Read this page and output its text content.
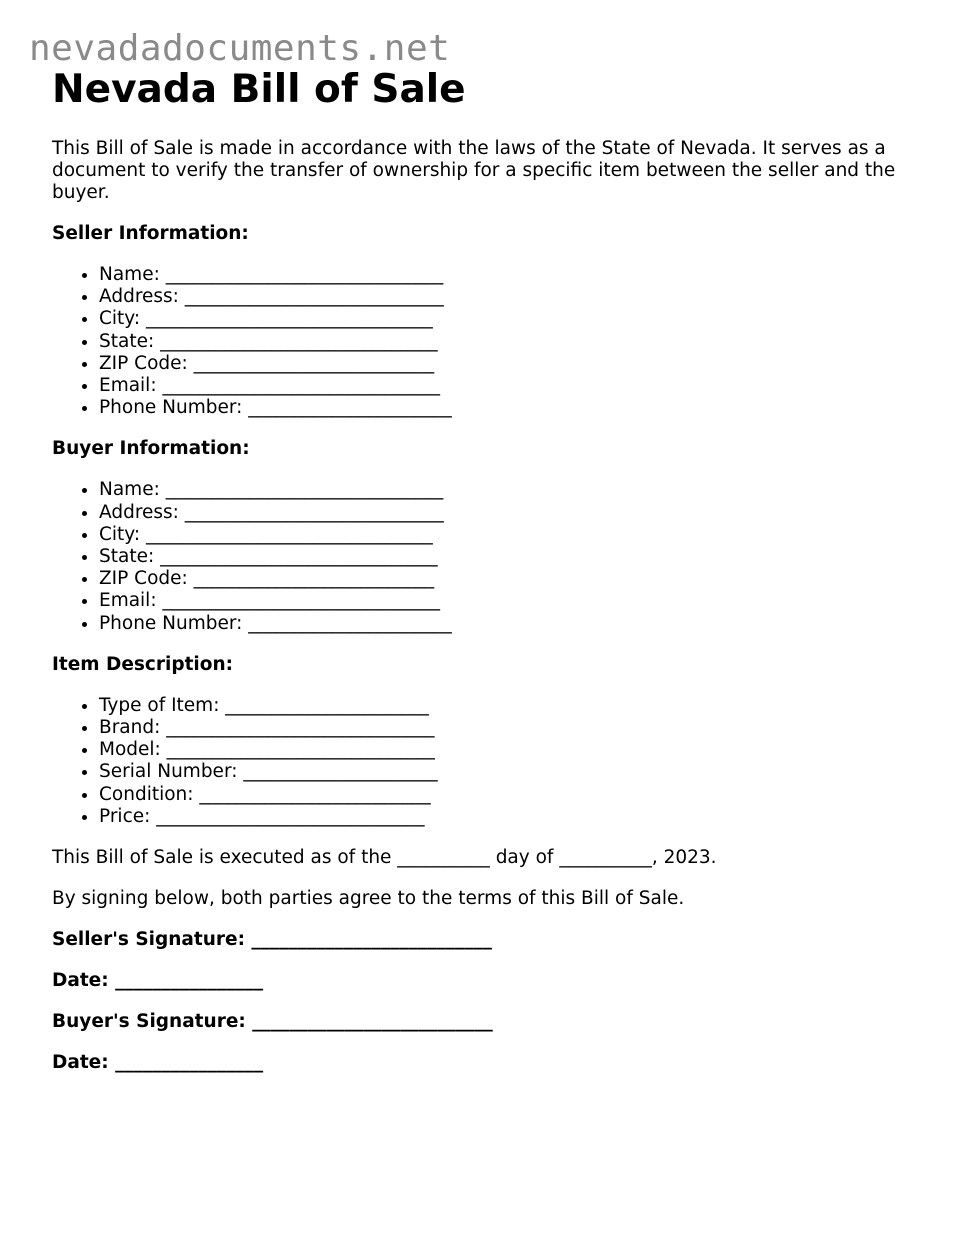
nevadadocuments.net
Nevada Bill of Sale

This Bill of Sale is made in accordance with the laws of the State of Nevada. It serves as a document to verify the transfer of ownership for a specific item between the seller and the buyer.

Seller Information:

• Name: ______________________________
• Address: ____________________________
• City: _______________________________
• State: ______________________________
• ZIP Code: __________________________
• Email: ______________________________
• Phone Number: ______________________

Buyer Information:

• Name: ______________________________
• Address: ____________________________
• City: _______________________________
• State: ______________________________
• ZIP Code: __________________________
• Email: ______________________________
• Phone Number: ______________________

Item Description:

• Type of Item: ______________________
• Brand: _____________________________
• Model: _____________________________
• Serial Number: _____________________
• Condition: _________________________
• Price: _____________________________

This Bill of Sale is executed as of the __________ day of __________, 2023.

By signing below, both parties agree to the terms of this Bill of Sale.

Seller's Signature: __________________________

Date: ________________

Buyer's Signature: __________________________

Date: ________________
